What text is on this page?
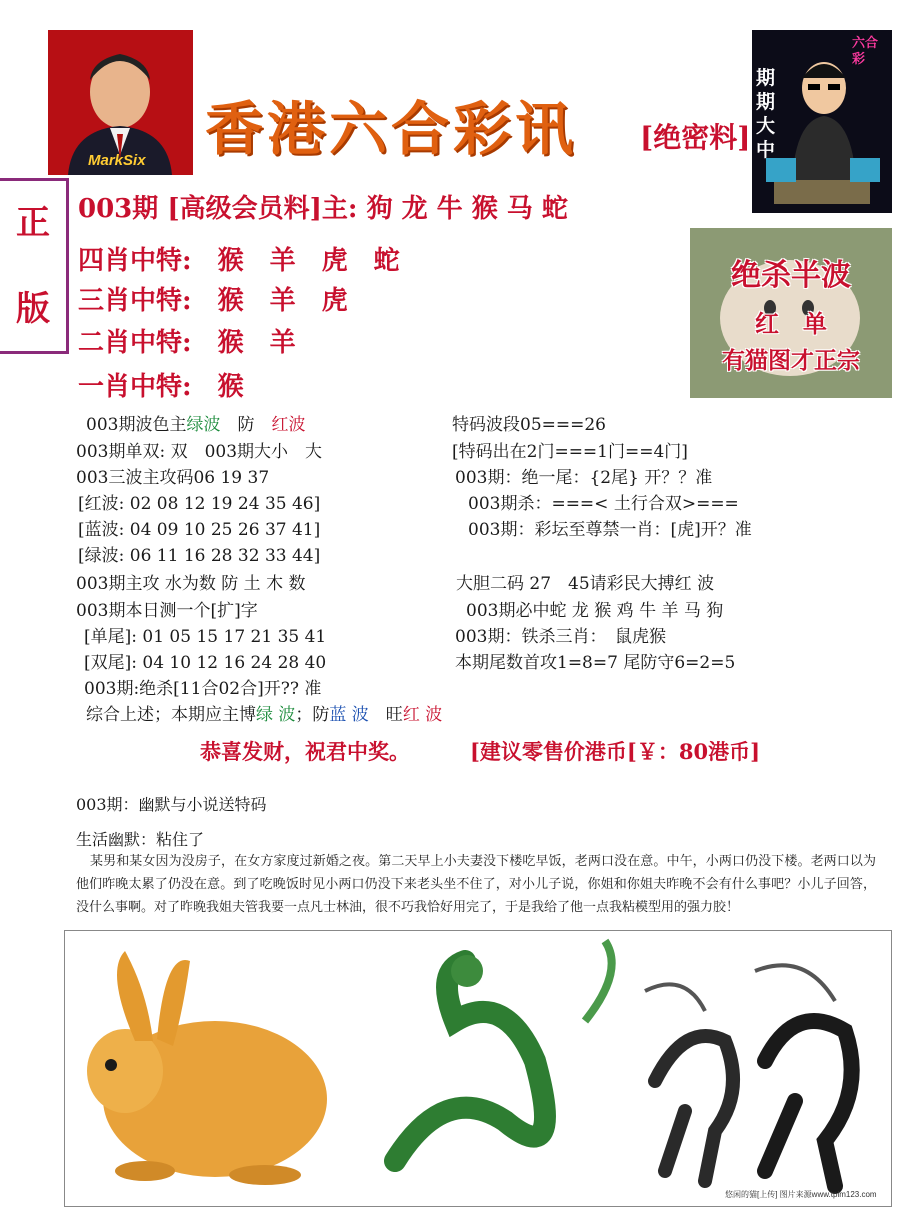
MarkSix 香港六合彩讯 [绝密料]
期期大中
六合彩
正
版
003期 [高级会员料]主: 狗 龙 牛 猴 马 蛇
四肖中特:　猴　羊　虎　蛇
三肖中特:　猴　羊　虎
二肖中特:　猴　羊
一肖中特:　猴
绝杀半波
红　单
有猫图才正宗
003期波色主绿波　防　红波
003期单双: 双　003期大小　大
003三波主攻码06 19 37
[红波: 02 08 12 19 24 35 46]
[蓝波: 04 09 10 25 26 37 41]
[绿波: 06 11 16 28 32 33 44]
003期主攻 水为数 防 土 木 数
003期本日测一个[扩]字
[单尾]: 01 05 15 17 21 35 41
[双尾]: 04 10 12 16 24 28 40
003期:绝杀[11合02合]开?? 准
特码波段05===26
[特码出在2门===1门==4门]
003期：绝一尾：{2尾} 开？？准
003期杀：===< 土行合双>===
003期：彩坛至尊禁一肖：[虎]开？准
大胆二码 27　45请彩民大搏红 波
003期必中蛇 龙 猴 鸡 牛 羊 马 狗
003期：铁杀三肖：　鼠虎猴
本期尾数首攻1=8=7 尾防守6=2=5
综合上述；本期应主博绿 波；防蓝 波　旺红 波
恭喜发财，祝君中奖。	[建议零售价港币[￥：80港币]
003期：幽默与小说送特码
生活幽默：粘住了
某男和某女因为没房子，在女方家度过新婚之夜。第二天早上小夫妻没下楼吃早饭，老两口没在意。中午，小两口仍没下楼。老两口以为他们昨晚太累了仍没在意。到了吃晚饭时见小两口仍没下来老头坐不住了，对小儿子说，你姐和你姐夫昨晚不会有什么事吧？小儿子回答，没什么事啊。对了昨晚我姐夫管我要一点凡士林油，很不巧我恰好用完了，于是我给了他一点我粘模型用的强力胶！
悠闲的猫[上传] 图片来源www.tplm123.com
